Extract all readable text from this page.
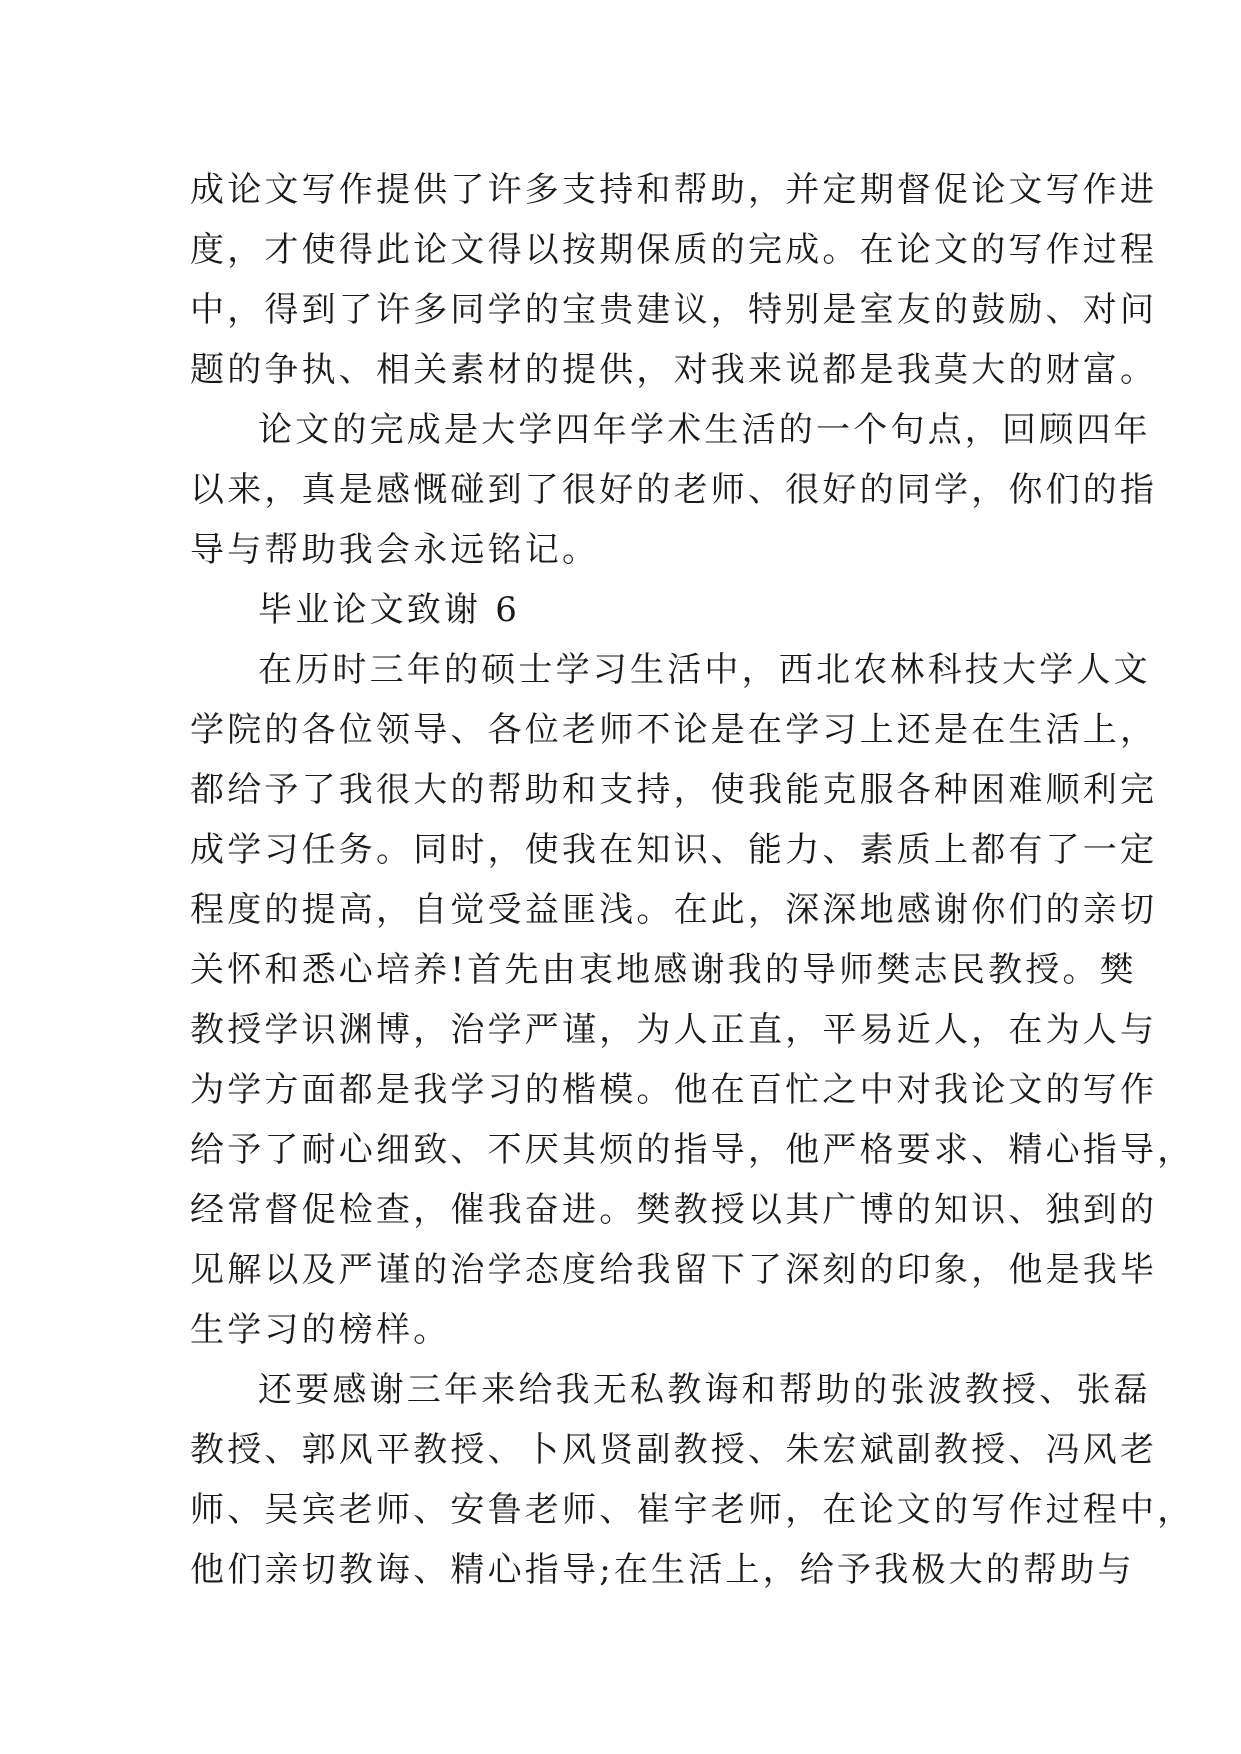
成论文写作提供了许多支持和帮助，并定期督促论文写作进
度，才使得此论文得以按期保质的完成。在论文的写作过程
中，得到了许多同学的宝贵建议，特别是室友的鼓励、对问
题的争执、相关素材的提供，对我来说都是我莫大的财富。
论文的完成是大学四年学术生活的一个句点，回顾四年
以来，真是感慨碰到了很好的老师、很好的同学，你们的指
导与帮助我会永远铭记。
毕业论文致谢 6
在历时三年的硕士学习生活中，西北农林科技大学人文
学院的各位领导、各位老师不论是在学习上还是在生活上，
都给予了我很大的帮助和支持，使我能克服各种困难顺利完
成学习任务。同时，使我在知识、能力、素质上都有了一定
程度的提高，自觉受益匪浅。在此，深深地感谢你们的亲切
关怀和悉心培养!首先由衷地感谢我的导师樊志民教授。樊
教授学识渊博，治学严谨，为人正直，平易近人，在为人与
为学方面都是我学习的楷模。他在百忙之中对我论文的写作
给予了耐心细致、不厌其烦的指导，他严格要求、精心指导，
经常督促检查，催我奋进。樊教授以其广博的知识、独到的
见解以及严谨的治学态度给我留下了深刻的印象，他是我毕
生学习的榜样。
还要感谢三年来给我无私教诲和帮助的张波教授、张磊
教授、郭风平教授、卜风贤副教授、朱宏斌副教授、冯风老
师、吴宾老师、安鲁老师、崔宇老师，在论文的写作过程中，
他们亲切教诲、精心指导;在生活上，给予我极大的帮助与
